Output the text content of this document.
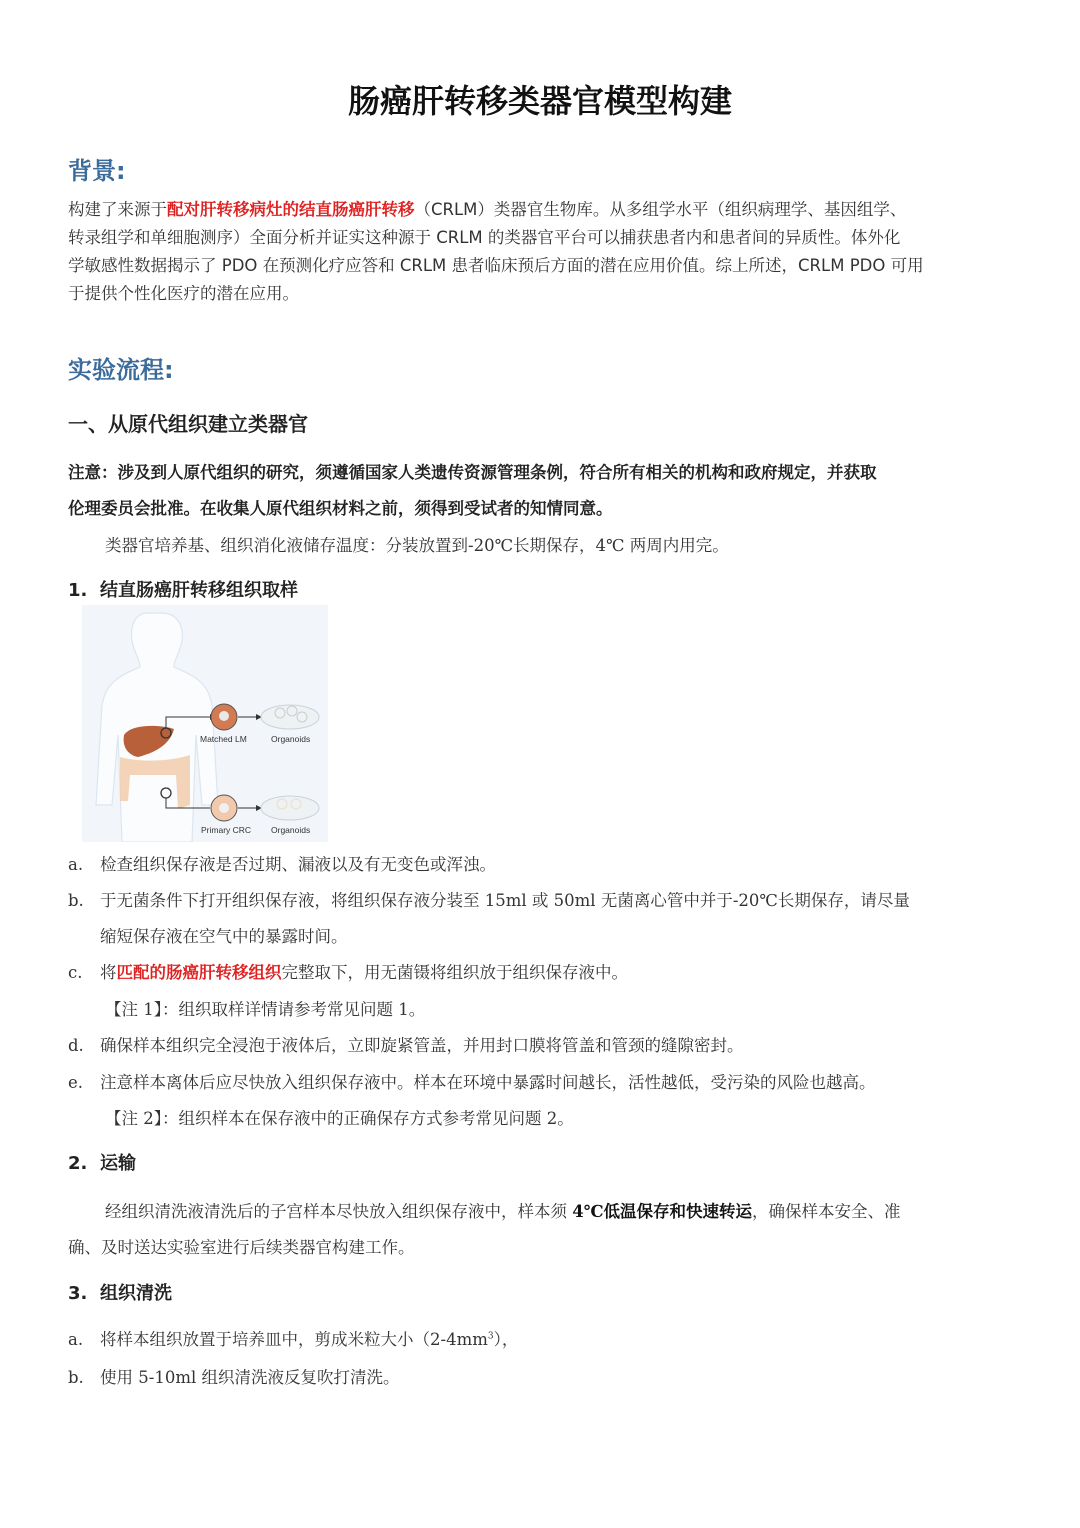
肠癌肝转移类器官模型构建
背景:
构建了来源于配对肝转移病灶的结直肠癌肝转移（CRLM）类器官生物库。从多组学水平（组织病理学、基因组学、
转录组学和单细胞测序）全面分析并证实这种源于 CRLM 的类器官平台可以捕获患者内和患者间的异质性。体外化
学敏感性数据揭示了 PDO 在预测化疗应答和 CRLM 患者临床预后方面的潜在应用价值。综上所述，CRLM PDO 可用
于提供个性化医疗的潜在应用。
实验流程:
一、从原代组织建立类器官
注意：涉及到人原代组织的研究，须遵循国家人类遗传资源管理条例，符合所有相关的机构和政府规定，并获取
伦理委员会批准。在收集人原代组织材料之前，须得到受试者的知情同意。
类器官培养基、组织消化液储存温度：分装放置到-20℃长期保存，4℃ 两周内用完。
1. 结直肠癌肝转移组织取样
Matched LM	Organoids
Primary CRC Organoids
a. 检查组织保存液是否过期、漏液以及有无变色或浑浊。
b. 于无菌条件下打开组织保存液，将组织保存液分装至 15ml 或 50ml 无菌离心管中并于-20℃长期保存，请尽量
缩短保存液在空气中的暴露时间。
c. 将匹配的肠癌肝转移组织完整取下，用无菌镊将组织放于组织保存液中。
【注 1】：组织取样详情请参考常见问题 1。
d. 确保样本组织完全浸泡于液体后，立即旋紧管盖，并用封口膜将管盖和管颈的缝隙密封。
e. 注意样本离体后应尽快放入组织保存液中。样本在环境中暴露时间越长，活性越低，受污染的风险也越高。
【注 2】：组织样本在保存液中的正确保存方式参考常见问题 2。
2. 运输
经组织清洗液清洗后的子宫样本尽快放入组织保存液中，样本须 4℃低温保存和快速转运，确保样本安全、准
确、及时送达实验室进行后续类器官构建工作。
3. 组织清洗
a. 将样本组织放置于培养皿中，剪成米粒大小$(2-4mm^3)$，
b. 使用 5-10ml 组织清洗液反复吹打清洗。
